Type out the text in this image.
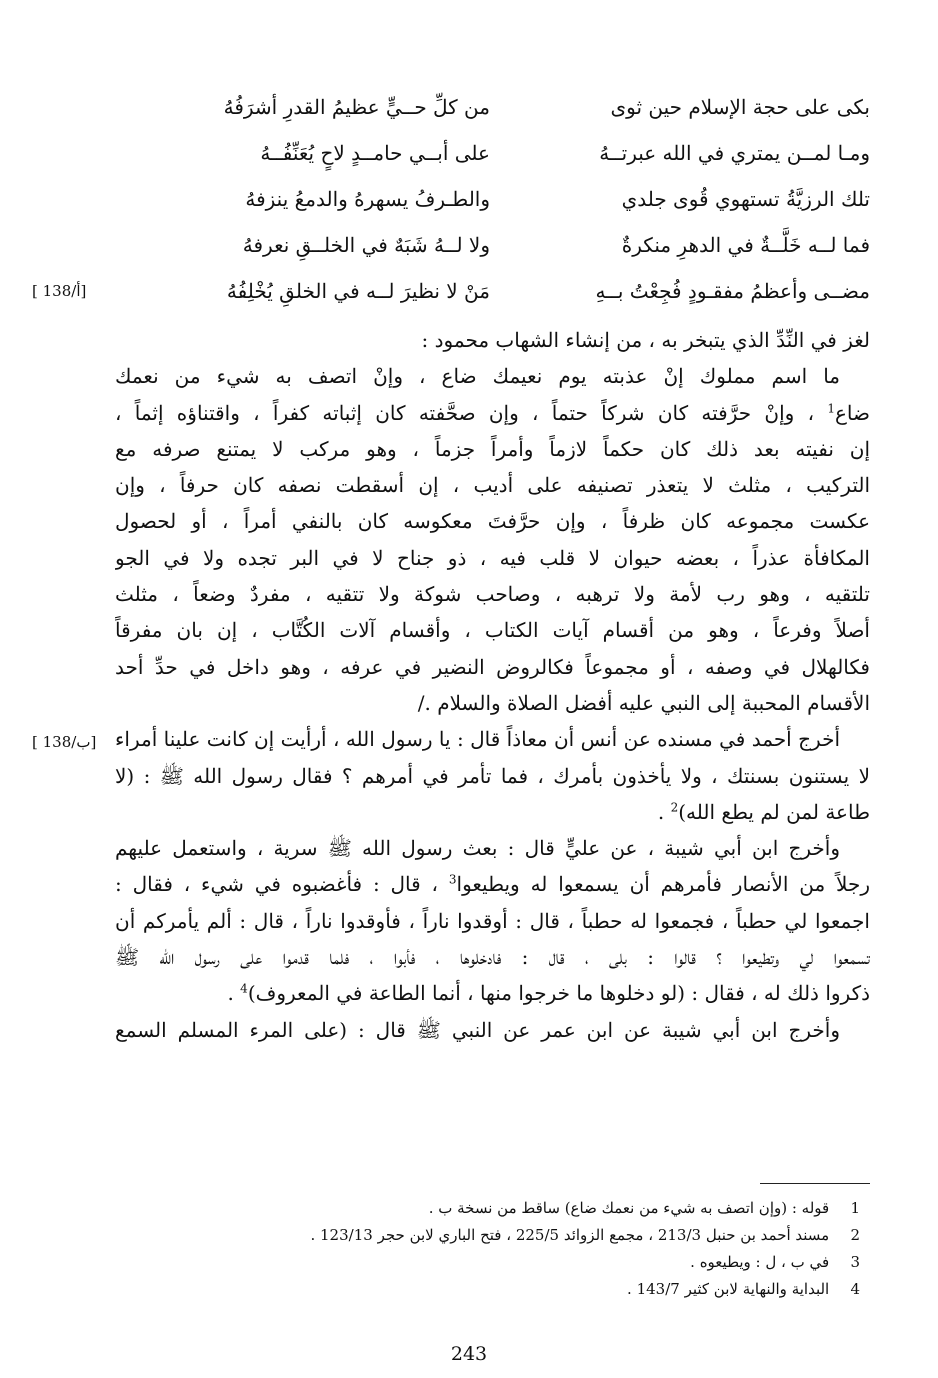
بكى على حجة الإسلام حين ثوى
من كلِّ حــيٍّ عظيمُ القدرِ أشرَفُهُ
ومـا لمــن يمتري في الله عبرتــهُ
على أبــي حامــدٍ لاحٍ يُعَنِّفُــهُ
تلك الرزيَّةُ تستهوي قُوى جلدي
والطـرفُ يسهرهُ والدمعُ ينزفهُ
فما لــه خَلَّــةٌ في الدهرِ منكرةٌ
ولا لــهُ شَبَهٌ في الخلــقِ نعرفهُ
مضــى وأعظمُ مفقـودٍ فُجِعْتُ بــهِ
مَنْ لا نظيرَ لــه في الخلقِ يُخْلِفُهُ
[ 138/أ]
[ 138/ب]
لغز في النِّدِّ الذي يتبخر به ، من إنشاء الشهاب محمود :
ما اسم مملوك إنْ عذبته يوم نعيمك ضاع ، وإنْ اتصف به شيء من نعمك
ضاع$^1$ ، وإنْ حرَّفته كان شركاً حتماً ، وإن صحَّفته كان إثباته كفراً ، واقتناؤه إثماً ،
إن نفيته بعد ذلك كان حكماً لازماً وأمراً جزماً ، وهو مركب لا يمتنع صرفه مع
التركيب ، مثلث لا يتعذر تصنيفه على أديب ، إن أسقطت نصفه كان حرفاً ، وإن
عكست مجموعه كان ظرفاً ، وإن حرَّفتَ معكوسه كان بالنفي أمراً ، أو لحصول
المكافأة عذراً ، بعضه حيوان لا قلب فيه ، ذو جناح لا في البر تجده ولا في الجو
تلتقيه ، وهو رب لأمة ولا ترهبه ، وصاحب شوكة ولا تتقيه ، مفردٌ وضعاً ، مثلث
أصلاً وفرعاً ، وهو من أقسام آيات الكتاب ، وأقسام آلات الكُتَّاب ، إن بان مفرقاً
فكالهلال في وصفه ، أو مجموعاً فكالروض النضير في عرفه ، وهو داخل في حدِّ أحد
الأقسام المحببة إلى النبي عليه أفضل الصلاة والسلام ./
أخرج أحمد في مسنده عن أنس أن معاذاً قال : يا رسول الله ، أرأيت إن كانت علينا أمراء
لا يستنون بسنتك ، ولا يأخذون بأمرك ، فما تأمر في أمرهم ؟ فقال رسول الله ﷺ : (لا
طاعة لمن لم يطع الله)$^2$ .
وأخرج ابن أبي شيبة ، عن عليٍّ قال : بعث رسول الله ﷺ سرية ، واستعمل عليهم
رجلاً من الأنصار فأمرهم أن يسمعوا له ويطيعوا$^3$ ، قال : فأغضبوه في شيء ، فقال :
اجمعوا لي حطباً ، فجمعوا له حطباً ، قال : أوقدوا ناراً ، فأوقدوا ناراً ، قال : ألم يأمركم أن
تسمعوا لي وتطيعوا ؟ قالوا : بلى ، قال : فادخلوها ، فأبوا ، فلما قدموا على رسول الله ﷺ
ذكروا ذلك له ، فقال : (لو دخلوها ما خرجوا منها ، أنما الطاعة في المعروف)$^4$ .
وأخرج ابن أبي شيبة عن ابن عمر عن النبي ﷺ قال : (على المرء المسلم السمع
1 قوله : (وإن اتصف به شيء من نعمك ضاع) ساقط من نسخة ب .
2 مسند أحمد بن حنبل 213/3 ، مجمع الزوائد 225/5 ، فتح الباري لابن حجر 123/13 .
3 في ب ، ل : ويطيعوه .
4 البداية والنهاية لابن كثير 143/7 .
243
